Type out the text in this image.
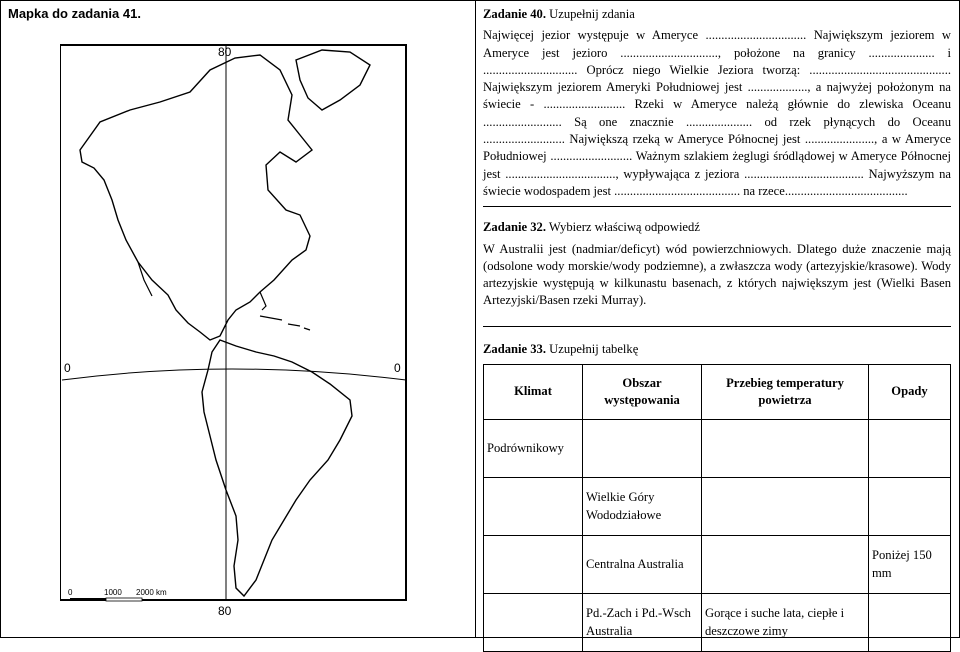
Mapka do zadania 41.
80
0	0
80
0	1000 2000 km
Zadanie 40. Uzupełnij zdania
Najwięcej jezior występuje w Ameryce ................................ Największym jeziorem w Ameryce jest jezioro ..............................., położone na granicy ..................... i .............................. Oprócz niego Wielkie Jeziora tworzą: ............................................. Największym jeziorem Ameryki Południowej jest ..................., a najwyżej położonym na świecie - .......................... Rzeki w Ameryce należą głównie do zlewiska Oceanu ......................... Są one znacznie ..................... od rzek płynących do Oceanu .......................... Największą rzeką w Ameryce Północnej jest ......................, a w Ameryce Południowej .......................... Ważnym szlakiem żeglugi śródlądowej w Ameryce Północnej jest ..................................., wypływająca z jeziora ...................................... Najwyższym na świecie wodospadem jest ........................................ na rzece.......................................
Zadanie 32. Wybierz właściwą odpowiedź
W Australii jest (nadmiar/deficyt) wód powierzchniowych. Dlatego duże znaczenie mają (odsolone wody morskie/wody podziemne), a zwłaszcza wody (artezyjskie/krasowe). Wody artezyjskie występują w kilkunastu basenach, z których największym jest (Wielki Basen Artezyjski/Basen rzeki Murray).
Zadanie 33. Uzupełnij tabelkę
Klimat	Obszar występowania	Przebieg temperatury powietrza	Opady
Podrównikowy			
	Wielkie Góry Wododziałowe		
	Centralna Australia		Poniżej 150 mm
	Pd.-Zach i Pd.-Wsch Australia	Gorące i suche lata, ciepłe i deszczowe zimy	
